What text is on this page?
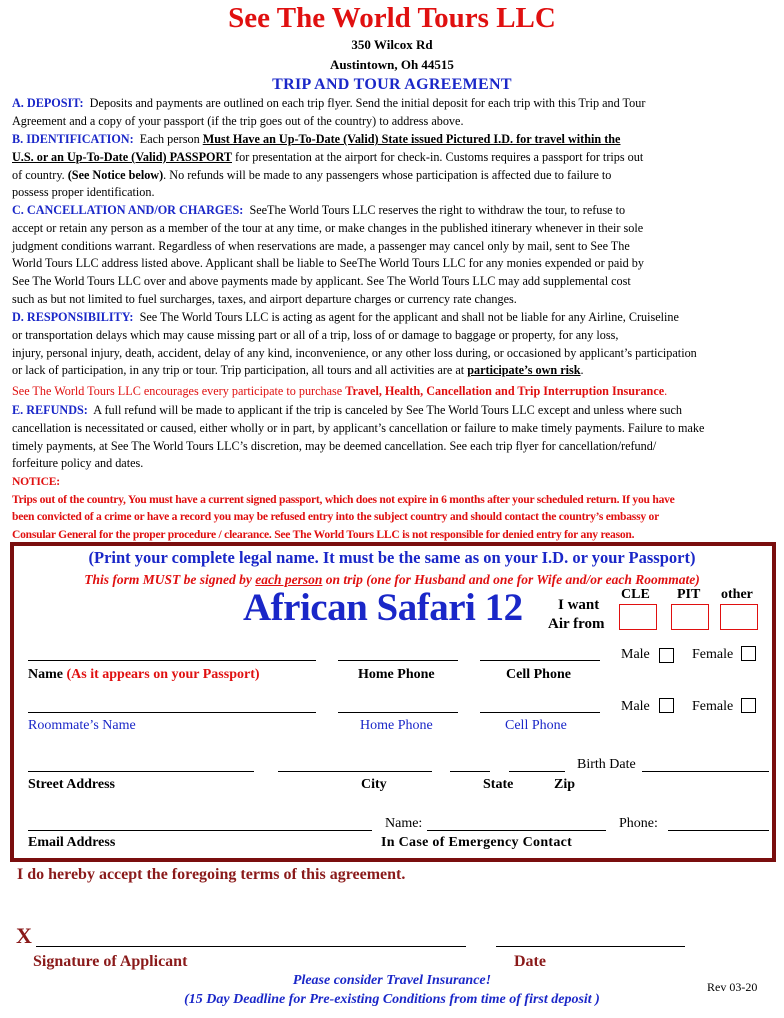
See The World Tours LLC
350 Wilcox Rd
Austintown, Oh 44515
TRIP AND TOUR AGREEMENT
A. DEPOSIT: Deposits and payments are outlined on each trip flyer. Send the initial deposit for each trip with this Trip and Tour
Agreement and a copy of your passport (if the trip goes out of the country) to address above.
B. IDENTIFICATION: Each person Must Have an Up-To-Date (Valid) State issued Pictured I.D. for travel within the
U.S. or an Up-To-Date (Valid) PASSPORT for presentation at the airport for check-in. Customs requires a passport for trips out
of country. (See Notice below). No refunds will be made to any passengers whose participation is affected due to failure to
possess proper identification.
C. CANCELLATION AND/OR CHARGES: SeeThe World Tours LLC reserves the right to withdraw the tour, to refuse to
accept or retain any person as a member of the tour at any time, or make changes in the published itinerary whenever in their sole
judgment conditions warrant. Regardless of when reservations are made, a passenger may cancel only by mail, sent to See The
World Tours LLC address listed above. Applicant shall be liable to SeeThe World Tours LLC for any monies expended or paid by
See The World Tours LLC over and above payments made by applicant. See The World Tours LLC may add supplemental cost
such as but not limited to fuel surcharges, taxes, and airport departure charges or currency rate changes.
D. RESPONSIBILITY: See The World Tours LLC is acting as agent for the applicant and shall not be liable for any Airline, Cruiseline
or transportation delays which may cause missing part or all of a trip, loss of or damage to baggage or property, for any loss,
injury, personal injury, death, accident, delay of any kind, inconvenience, or any other loss during, or occasioned by applicant’s participation
or lack of participation, in any trip or tour. Trip participation, all tours and all activities are at participate’s own risk.
See The World Tours LLC encourages every participate to purchase Travel, Health, Cancellation and Trip Interruption Insurance.
E. REFUNDS: A full refund will be made to applicant if the trip is canceled by See The World Tours LLC except and unless where such
cancellation is necessitated or caused, either wholly or in part, by applicant’s cancellation or failure to make timely payments. Failure to make
timely payments, at See The World Tours LLC’s discretion, may be deemed cancellation. See each trip flyer for cancellation/refund/
forfeiture policy and dates.
NOTICE:
Trips out of the country, You must have a current signed passport, which does not expire in 6 months after your scheduled return. If you have
been convicted of a crime or have a record you may be refused entry into the subject country and should contact the country’s embassy or
Consular General for the proper procedure / clearance. See The World Tours LLC is not responsible for denied entry for any reason.
(Print your complete legal name. It must be the same as on your I.D. or your Passport)
This form MUST be signed by each person on trip (one for Husband and one for Wife and/or each Roommate)
African Safari 12 I want
Air from
CLE PIT other
Male	Female
Name (As it appears on your Passport)	Home Phone	Cell Phone
Male	Female
Roommate’s Name	Home Phone	Cell Phone
Birth Date
Street Address	City	State	Zip
Name:	Phone:
Email Address	In Case of Emergency Contact
I do hereby accept the foregoing terms of this agreement.
X
Signature of Applicant	Date
Please consider Travel Insurance!
(15 Day Deadline for Pre-existing Conditions from time of first deposit )
Rev 03-20
